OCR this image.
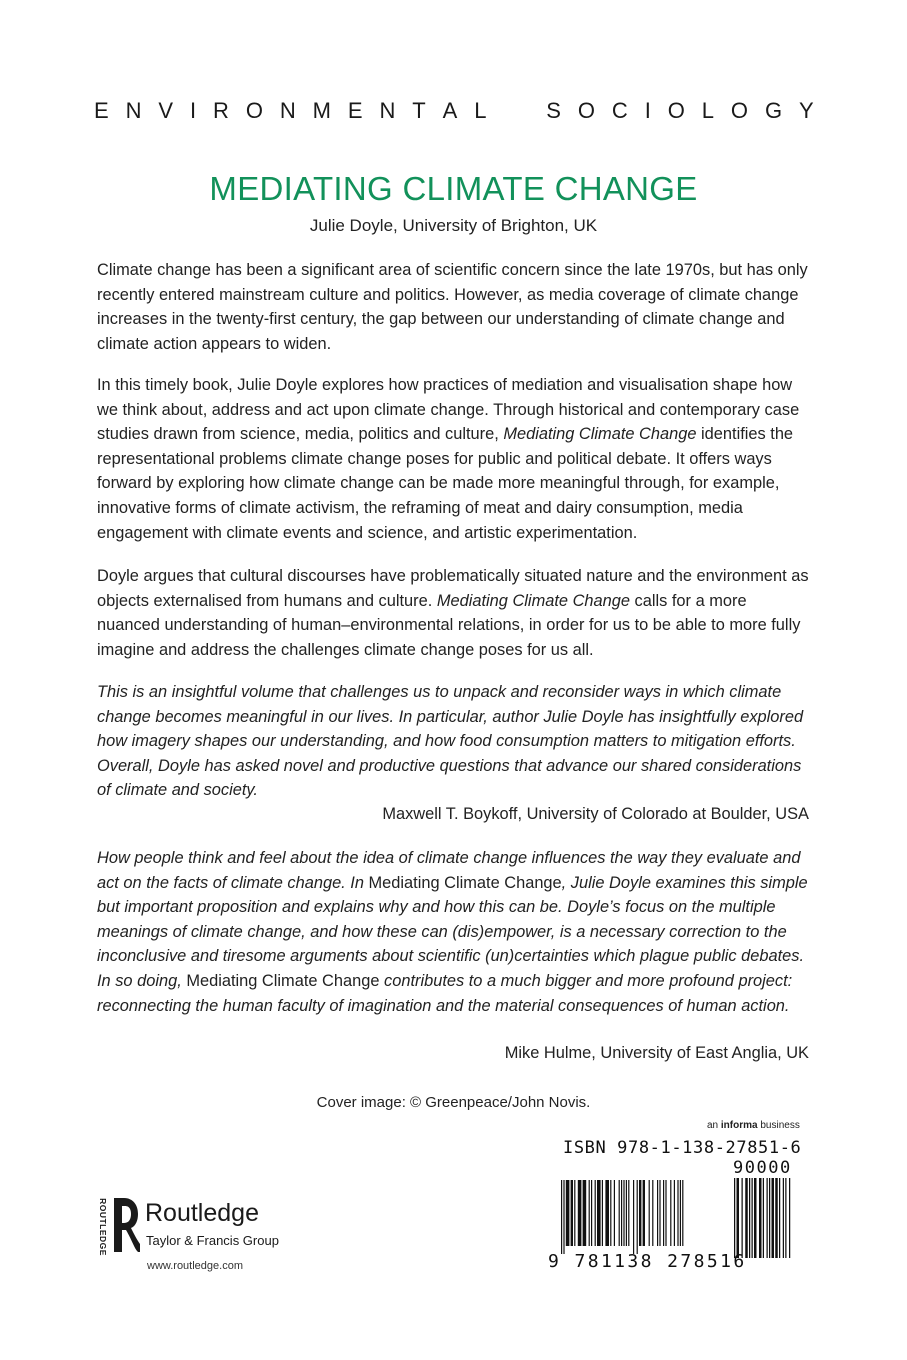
E N V I R O N M E N T A L	S O C I O L O G Y
MEDIATING CLIMATE CHANGE
Julie Doyle, University of Brighton, UK

Climate change has been a significant area of scientific concern since the late 1970s, but has only recently entered mainstream culture and politics. However, as media coverage of climate change increases in the twenty-first century, the gap between our understanding of climate change and climate action appears to widen.

In this timely book, Julie Doyle explores how practices of mediation and visualisation shape how we think about, address and act upon climate change. Through historical and contemporary case studies drawn from science, media, politics and culture, Mediating Climate Change identifies the representational problems climate change poses for public and political debate. It offers ways forward by exploring how climate change can be made more meaningful through, for example, innovative forms of climate activism, the reframing of meat and dairy consumption, media engagement with climate events and science, and artistic experimentation.

Doyle argues that cultural discourses have problematically situated nature and the environment as objects externalised from humans and culture. Mediating Climate Change calls for a more nuanced understanding of human–environmental relations, in order for us to be able to more fully imagine and address the challenges climate change poses for us all.

This is an insightful volume that challenges us to unpack and reconsider ways in which climate change becomes meaningful in our lives. In particular, author Julie Doyle has insightfully explored how imagery shapes our understanding, and how food consumption matters to mitigation efforts. Overall, Doyle has asked novel and productive questions that advance our shared considerations of climate and society.

Maxwell T. Boykoff, University of Colorado at Boulder, USA

How people think and feel about the idea of climate change influences the way they evaluate and act on the facts of climate change. In Mediating Climate Change, Julie Doyle examines this simple but important proposition and explains why and how this can be. Doyle’s focus on the multiple meanings of climate change, and how these can (dis)empower, is a necessary correction to the inconclusive and tiresome arguments about scientific (un)certainties which plague public debates. In so doing, Mediating Climate Change contributes to a much bigger and more profound project: reconnecting the human faculty of imagination and the material consequences of human action.

Mike Hulme, University of East Anglia, UK
Cover image: © Greenpeace/John Novis.
ROUTLEDGE Routledge
Taylor & Francis Group
www.routledge.com
an informa business
ISBN 978-1-138-27851-6
90000
9 781138 278516
